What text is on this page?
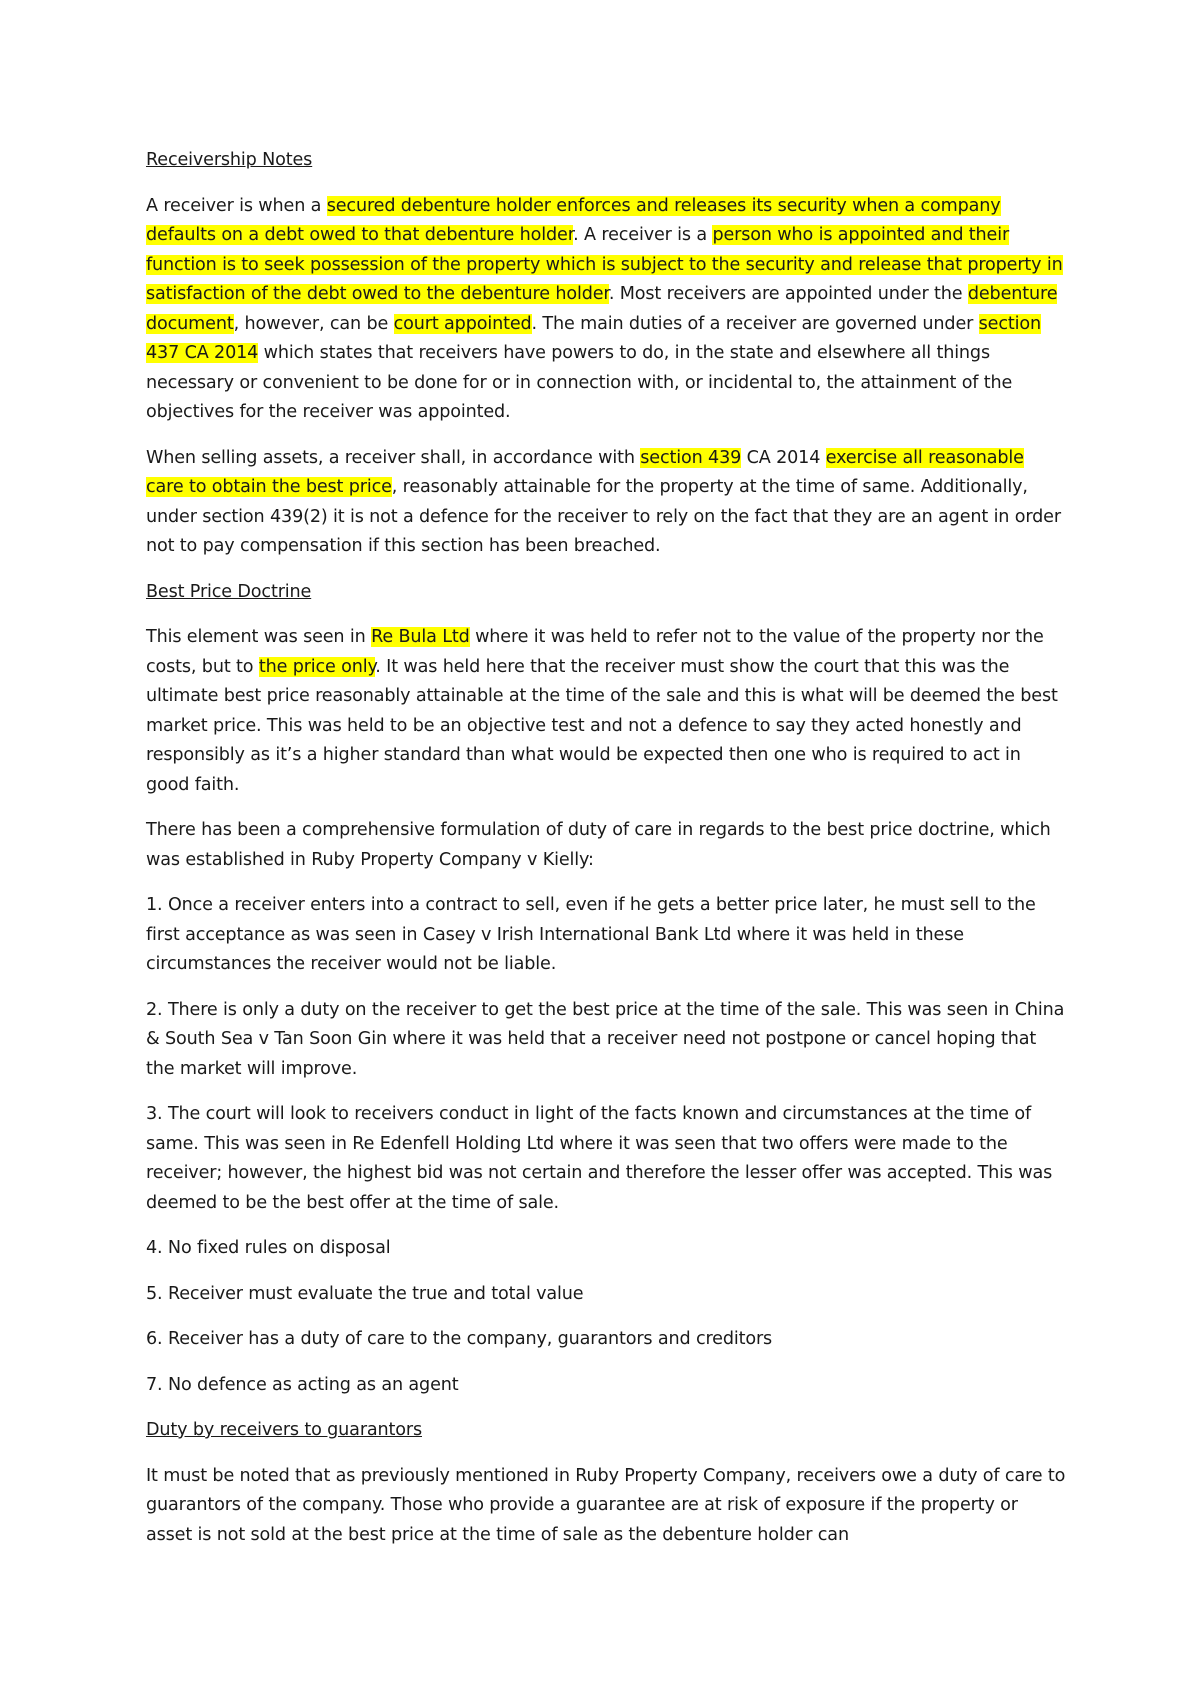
Receivership Notes

A receiver is when a secured debenture holder enforces and releases its security when a company defaults on a debt owed to that debenture holder. A receiver is a person who is appointed and their function is to seek possession of the property which is subject to the security and release that property in satisfaction of the debt owed to the debenture holder. Most receivers are appointed under the debenture document, however, can be court appointed. The main duties of a receiver are governed under section 437 CA 2014 which states that receivers have powers to do, in the state and elsewhere all things necessary or convenient to be done for or in connection with, or incidental to, the attainment of the objectives for the receiver was appointed.

When selling assets, a receiver shall, in accordance with section 439 CA 2014 exercise all reasonable care to obtain the best price, reasonably attainable for the property at the time of same. Additionally, under section 439(2) it is not a defence for the receiver to rely on the fact that they are an agent in order not to pay compensation if this section has been breached.

Best Price Doctrine

This element was seen in Re Bula Ltd where it was held to refer not to the value of the property nor the costs, but to the price only. It was held here that the receiver must show the court that this was the ultimate best price reasonably attainable at the time of the sale and this is what will be deemed the best market price. This was held to be an objective test and not a defence to say they acted honestly and responsibly as it’s a higher standard than what would be expected then one who is required to act in good faith.

There has been a comprehensive formulation of duty of care in regards to the best price doctrine, which was established in Ruby Property Company v Kielly:

1. Once a receiver enters into a contract to sell, even if he gets a better price later, he must sell to the first acceptance as was seen in Casey v Irish International Bank Ltd where it was held in these circumstances the receiver would not be liable.

2. There is only a duty on the receiver to get the best price at the time of the sale. This was seen in China & South Sea v Tan Soon Gin where it was held that a receiver need not postpone or cancel hoping that the market will improve.

3. The court will look to receivers conduct in light of the facts known and circumstances at the time of same. This was seen in Re Edenfell Holding Ltd where it was seen that two offers were made to the receiver; however, the highest bid was not certain and therefore the lesser offer was accepted. This was deemed to be the best offer at the time of sale.

4. No fixed rules on disposal

5. Receiver must evaluate the true and total value

6. Receiver has a duty of care to the company, guarantors and creditors

7. No defence as acting as an agent

Duty by receivers to guarantors

It must be noted that as previously mentioned in Ruby Property Company, receivers owe a duty of care to guarantors of the company. Those who provide a guarantee are at risk of exposure if the property or asset is not sold at the best price at the time of sale as the debenture holder can
